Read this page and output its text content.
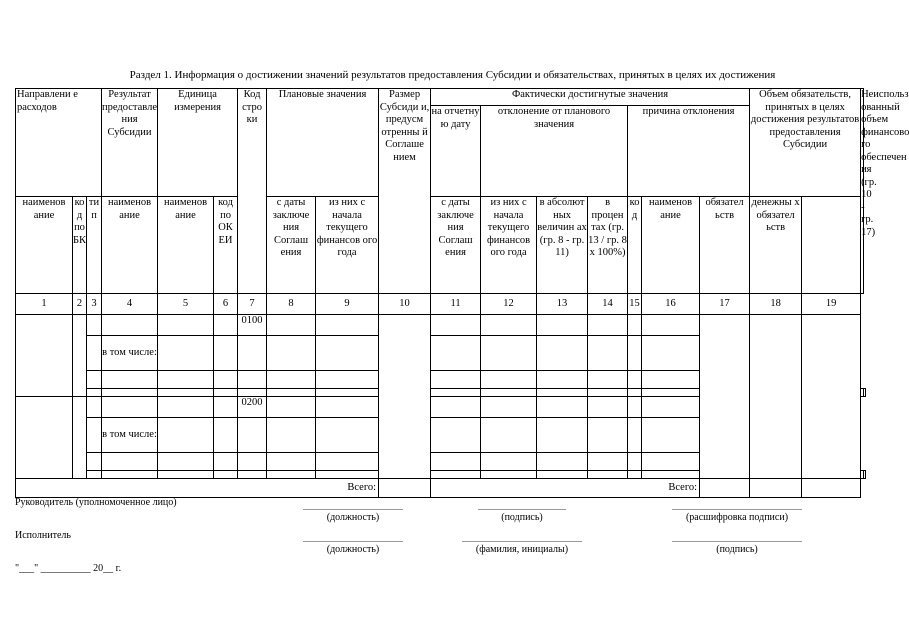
Раздел 1. Информация о достижении значений результатов предоставления Субсидии и обязательствах, принятых в целях их достижения
Направлени е расходов			Результат предоставле ния Субсидии	Единица измерения		Код стро ки	Плановые значения		Размер Субсиди и, предусм отренны й Соглаше нием	Фактически достигнутые значения							Объем обязательств, принятых в целях достижения результатов предоставления Субсидии		Неиспольз ованный объем финансово го обеспечен ия (гр. 10 - гр. 17)	
										на отчетну ю дату	отклонение от планового значения			причина отклонения						
наименов ание	ко д по БК	ти п	наименов ание	наименов ание	код по ОК ЕИ		с даты заключе ния Соглаш ения	из них с начала текущего финансов ого года		с даты заключе ния Соглаш ения	из них с начала текущего финансов ого года	в абсолют ных величин ах (гр. 8 - гр. 11)	в процен тах (гр. 13 / гр. 8 х 100%)	ко д	наименов ание	обязател ьств	денежны х обязател ьств			
1	2	3	4	5	6	7	8	9	10	11	12	13	14	15	16	17	18	19		
						0100														
			в том числе:																	

						0200														
			в том числе:																	

Всего:										Всего:										
Руководитель (уполномоченное лицо)
(должность)	(подпись)	(расшифровка подписи)
Исполнитель
(должность)	(фамилия, инициалы)	(подпись)
"___" __________ 20__ г.
